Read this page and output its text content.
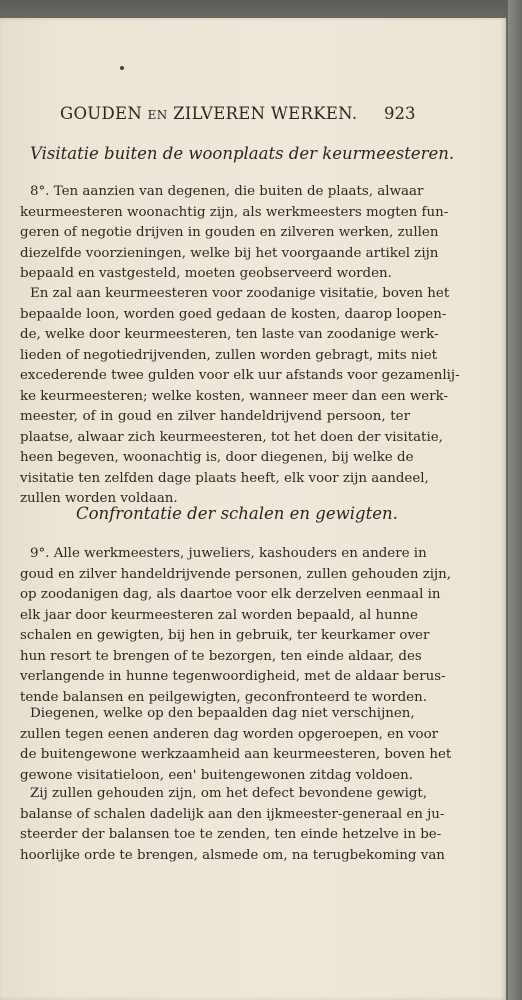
GOUDEN EN ZILVEREN WERKEN.	923
Visitatie buiten de woonplaats der keurmeesteren.
8°. Ten aanzien van degenen, die buiten de plaats, alwaar
keurmeesteren woonachtig zijn, als werkmeesters mogten fun-
geren of negotie drijven in gouden en zilveren werken, zullen
diezelfde voorzieningen, welke bij het voorgaande artikel zijn
bepaald en vastgesteld, moeten geobserveerd worden.
En zal aan keurmeesteren voor zoodanige visitatie, boven het
bepaalde loon, worden goed gedaan de kosten, daarop loopen-
de, welke door keurmeesteren, ten laste van zoodanige werk-
lieden of negotiedrijvenden, zullen worden gebragt, mits niet
excederende twee gulden voor elk uur afstands voor gezamenlij-
ke keurmeesteren; welke kosten, wanneer meer dan een werk-
meester, of in goud en zilver handeldrijvend persoon, ter
plaatse, alwaar zich keurmeesteren, tot het doen der visitatie,
heen begeven, woonachtig is, door diegenen, bij welke de
visitatie ten zelfden dage plaats heeft, elk voor zijn aandeel,
zullen worden voldaan.
Confrontatie der schalen en gewigten.
9°. Alle werkmeesters, juweliers, kashouders en andere in
goud en zilver handeldrijvende personen, zullen gehouden zijn,
op zoodanigen dag, als daartoe voor elk derzelven eenmaal in
elk jaar door keurmeesteren zal worden bepaald, al hunne
schalen en gewigten, bij hen in gebruik, ter keurkamer over
hun resort te brengen of te bezorgen, ten einde aldaar, des
verlangende in hunne tegenwoordigheid, met de aldaar berus-
tende balansen en peilgewigten, geconfronteerd te worden.
Diegenen, welke op den bepaalden dag niet verschijnen,
zullen tegen eenen anderen dag worden opgeroepen, en voor
de buitengewone werkzaamheid aan keurmeesteren, boven het
gewone visitatieloon, een' buitengewonen zitdag voldoen.
Zij zullen gehouden zijn, om het defect bevondene gewigt,
balanse of schalen dadelijk aan den ijkmeester-generaal en ju-
steerder der balansen toe te zenden, ten einde hetzelve in be-
hoorlijke orde te brengen, alsmede om, na terugbekoming van
